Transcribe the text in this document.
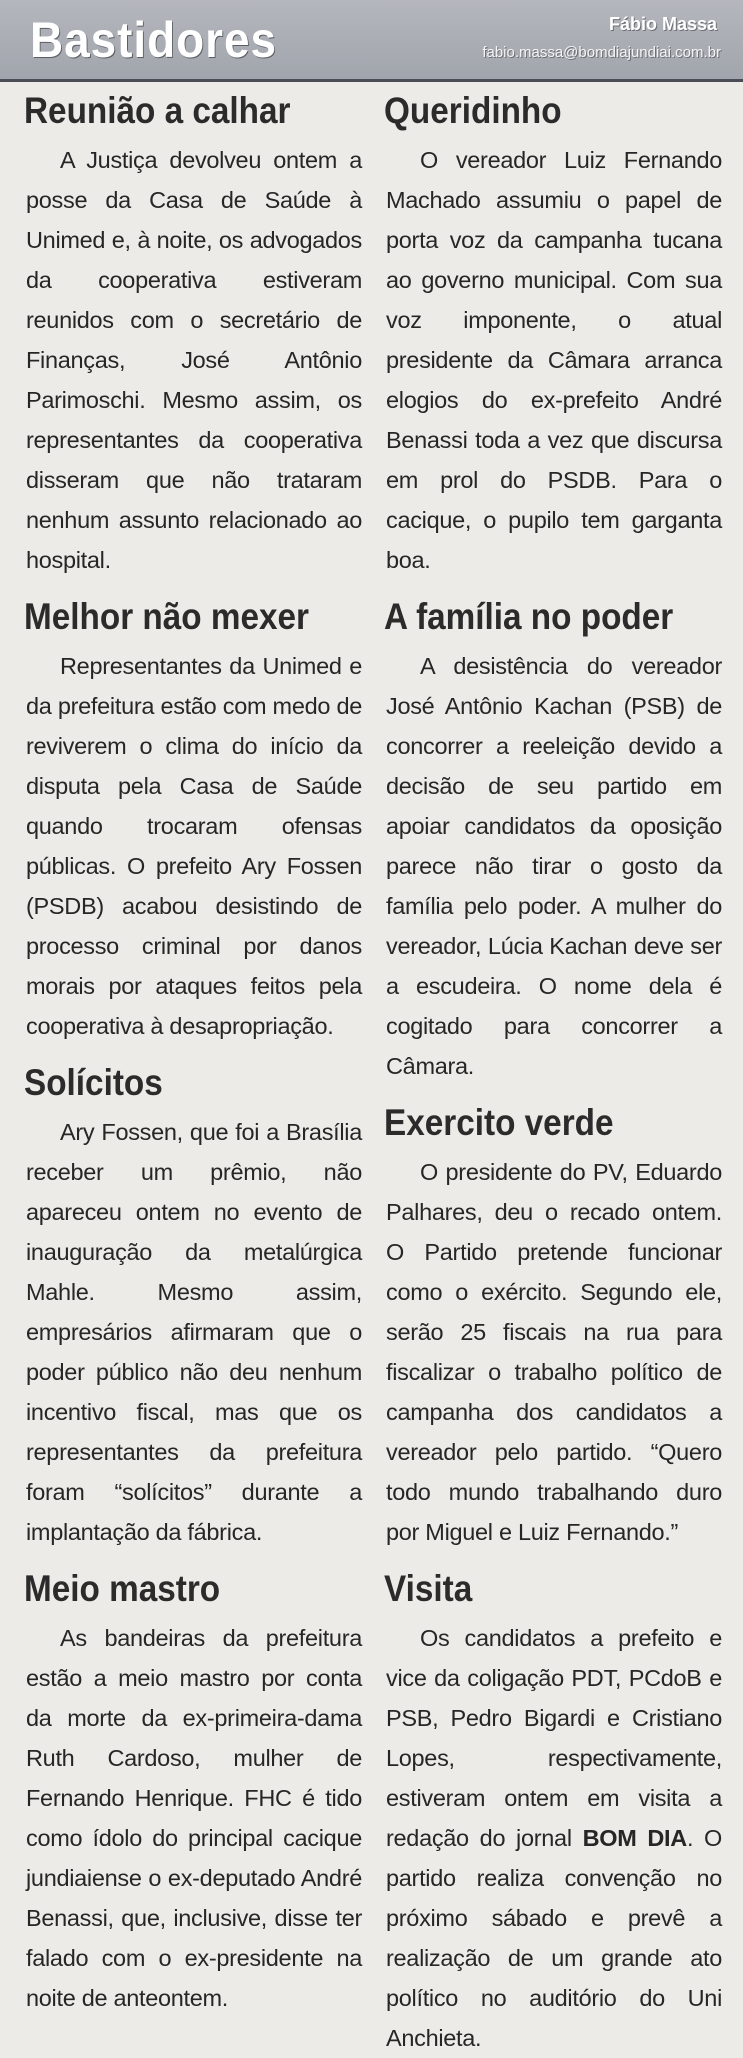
Bastidores	Fábio Massa
fabio.massa@bomdiajundiai.com.br
Reunião a calhar

A Justiça devolveu ontem a posse da Casa de Saúde à Unimed e, à noite, os advogados da cooperativa estiveram reunidos com o secretário de Finanças, José Antônio Parimoschi. Mesmo assim, os representantes da cooperativa disseram que não trataram nenhum assunto relacionado ao hospital.

Melhor não mexer

Representantes da Unimed e da prefeitura estão com medo de reviverem o clima do início da disputa pela Casa de Saúde quando trocaram ofensas públicas. O prefeito Ary Fossen (PSDB) acabou desistindo de processo criminal por danos morais por ataques feitos pela cooperativa à desapropriação.

Solícitos

Ary Fossen, que foi a Brasília receber um prêmio, não apareceu ontem no evento de inauguração da metalúrgica Mahle. Mesmo assim, empresários afirmaram que o poder público não deu nenhum incentivo fiscal, mas que os representantes da prefeitura foram “solícitos” durante a implantação da fábrica.

Meio mastro

As bandeiras da prefeitura estão a meio mastro por conta da morte da ex-primeira-dama Ruth Cardoso, mulher de Fernando Henrique. FHC é tido como ídolo do principal cacique jundiaiense o ex-deputado André Benassi, que, inclusive, disse ter falado com o ex-presidente na noite de anteontem.

Queridinho

O vereador Luiz Fernando Machado assumiu o papel de porta voz da campanha tucana ao governo municipal. Com sua voz imponente, o atual presidente da Câmara arranca elogios do ex-prefeito André Benassi toda a vez que discursa em prol do PSDB. Para o cacique, o pupilo tem garganta boa.

A família no poder

A desistência do vereador José Antônio Kachan (PSB) de concorrer a reeleição devido a decisão de seu partido em apoiar candidatos da oposição parece não tirar o gosto da família pelo poder. A mulher do vereador, Lúcia Kachan deve ser a escudeira. O nome dela é cogitado para concorrer a Câmara.

Exercito verde

O presidente do PV, Eduardo Palhares, deu o recado ontem. O Partido pretende funcionar como o exército. Segundo ele, serão 25 fiscais na rua para fiscalizar o trabalho político de campanha dos candidatos a vereador pelo partido. “Quero todo mundo trabalhando duro por Miguel e Luiz Fernando.”

Visita

Os candidatos a prefeito e vice da coligação PDT, PCdoB e PSB, Pedro Bigardi e Cristiano Lopes, respectivamente, estiveram ontem em visita a redação do jornal BOM DIA. O partido realiza convenção no próximo sábado e prevê a realização de um grande ato político no auditório do Uni Anchieta.
